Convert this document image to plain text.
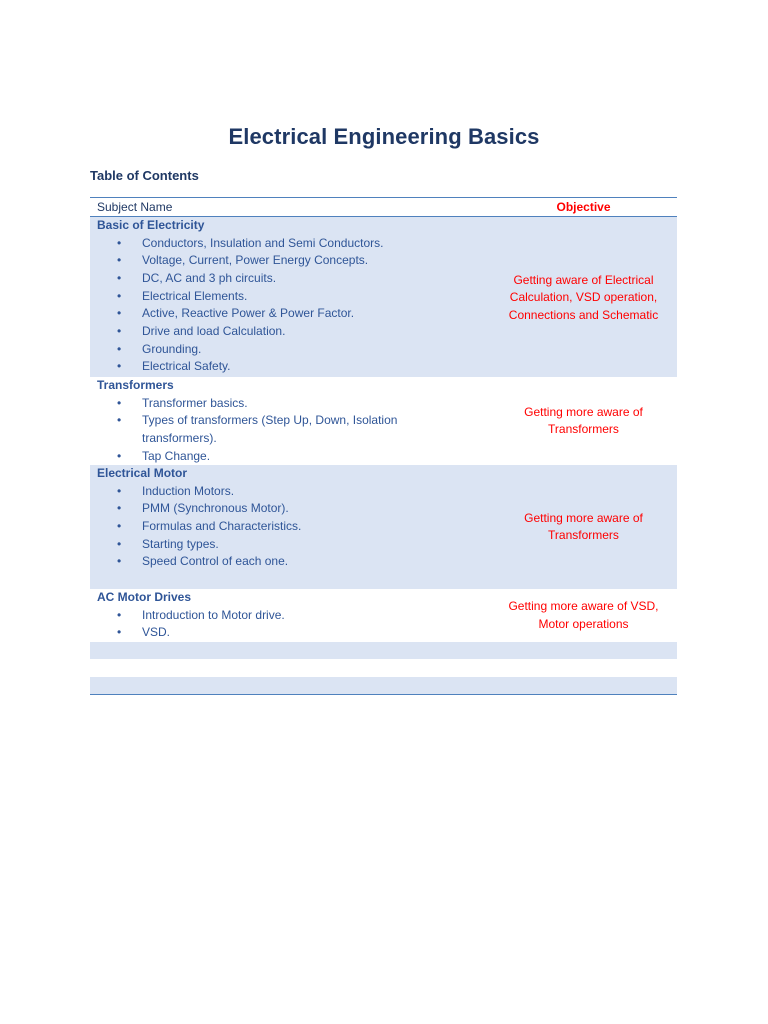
Electrical Engineering Basics
Table of Contents
Subject Name	Objective
Basic of Electricity
• Conductors, Insulation and Semi Conductors.
• Voltage, Current, Power Energy Concepts.
• DC, AC and 3 ph circuits.
• Electrical Elements.
• Active, Reactive Power & Power Factor.
• Drive and load Calculation.
• Grounding.
• Electrical Safety.
Getting aware of Electrical
Calculation, VSD operation,
Connections and Schematic
Transformers
• Transformer basics.
• Types of transformers (Step Up, Down, Isolation
transformers).
• Tap Change.
Getting more aware of
Transformers
Electrical Motor
• Induction Motors.
• PMM (Synchronous Motor).
• Formulas and Characteristics.
• Starting types.
• Speed Control of each one.
Getting more aware of
Transformers
AC Motor Drives
• Introduction to Motor drive.
• VSD.
Getting more aware of VSD,
Motor operations
